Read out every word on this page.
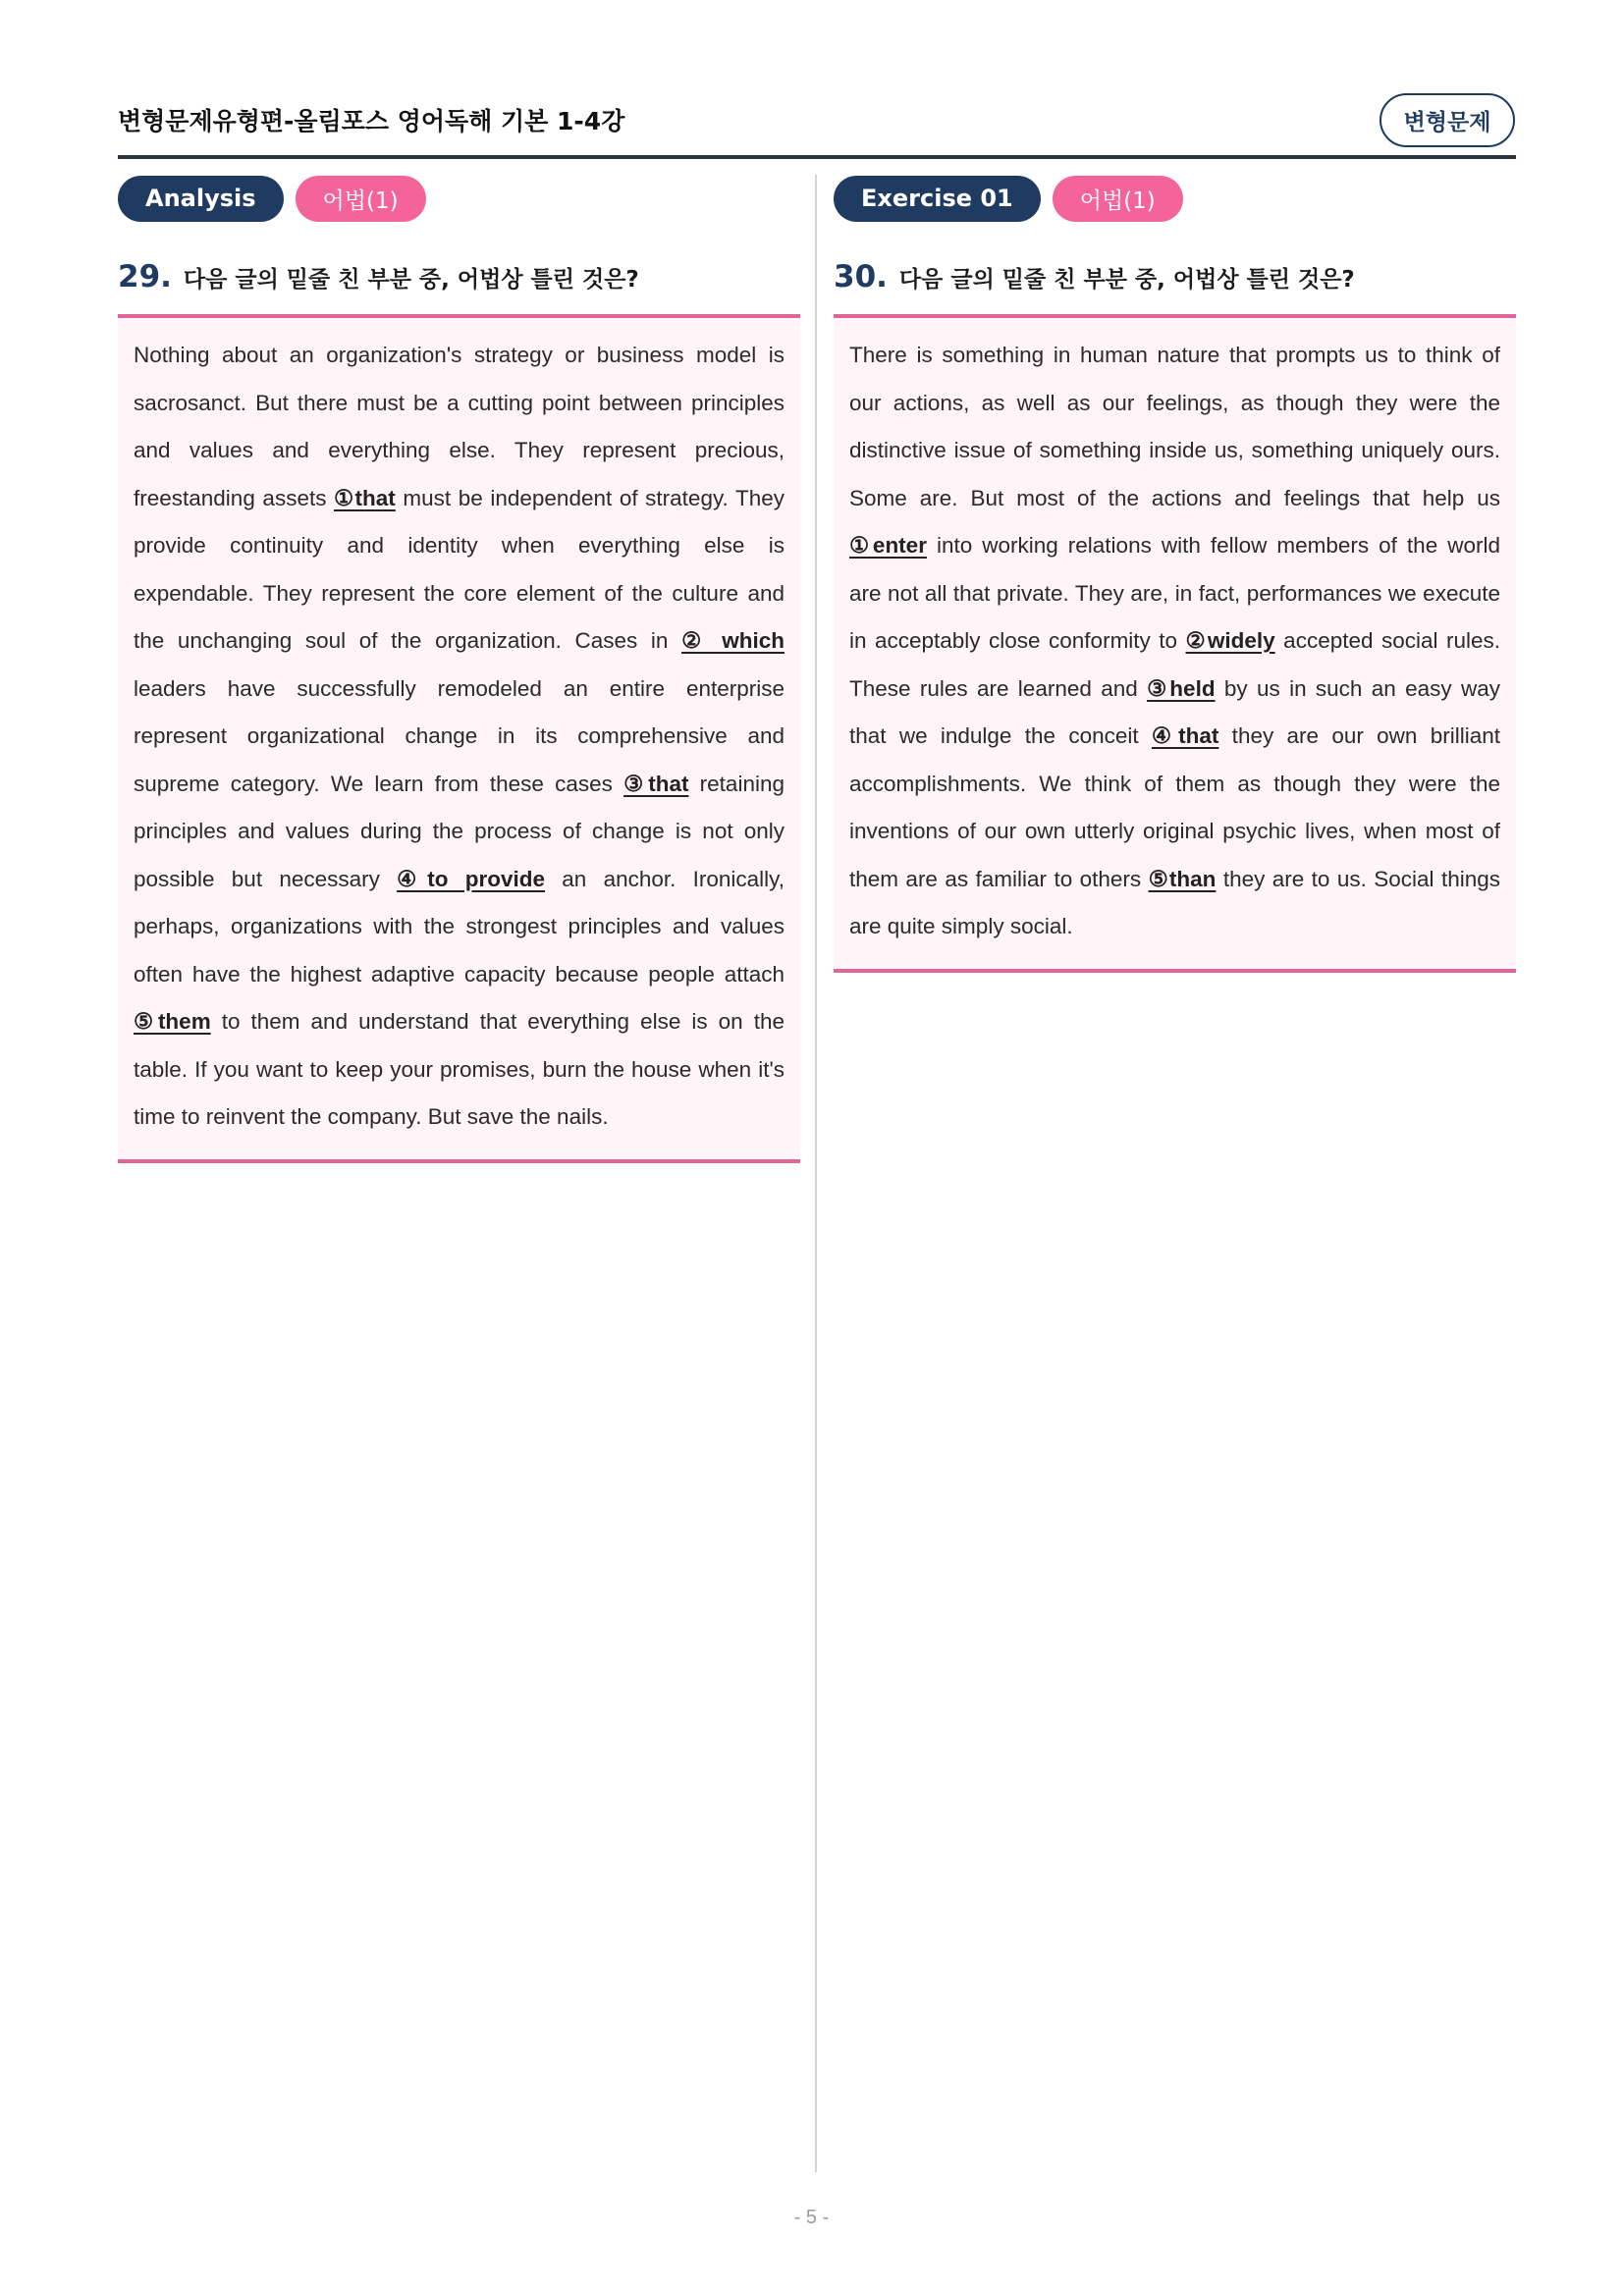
변형문제유형편-올림포스 영어독해 기본 1-4강	변형문제
Analysis	어법(1)
29. 다음 글의 밑줄 친 부분 중, 어법상 틀린 것은?

Nothing about an organization's strategy or business model is sacrosanct. But there must be a cutting point between principles and values and everything else. They represent precious, freestanding assets ①that must be independent of strategy. They provide continuity and identity when everything else is expendable. They represent the core element of the culture and the unchanging soul of the organization. Cases in ② which leaders have successfully remodeled an entire enterprise represent organizational change in its comprehensive and supreme category. We learn from these cases ③that retaining principles and values during the process of change is not only possible but necessary ④to provide an anchor. Ironically, perhaps, organizations with the strongest principles and values often have the highest adaptive capacity because people attach ⑤them to them and understand that everything else is on the table. If you want to keep your promises, burn the house when it's time to reinvent the company. But save the nails.

Exercise 01	어법(1)
30. 다음 글의 밑줄 친 부분 중, 어법상 틀린 것은?

There is something in human nature that prompts us to think of our actions, as well as our feelings, as though they were the distinctive issue of something inside us, something uniquely ours. Some are. But most of the actions and feelings that help us ①enter into working relations with fellow members of the world are not all that private. They are, in fact, performances we execute in acceptably close conformity to ②widely accepted social rules. These rules are learned and ③held by us in such an easy way that we indulge the conceit ④that they are our own brilliant accomplishments. We think of them as though they were the inventions of our own utterly original psychic lives, when most of them are as familiar to others ⑤than they are to us. Social things are quite simply social.

- 5 -
